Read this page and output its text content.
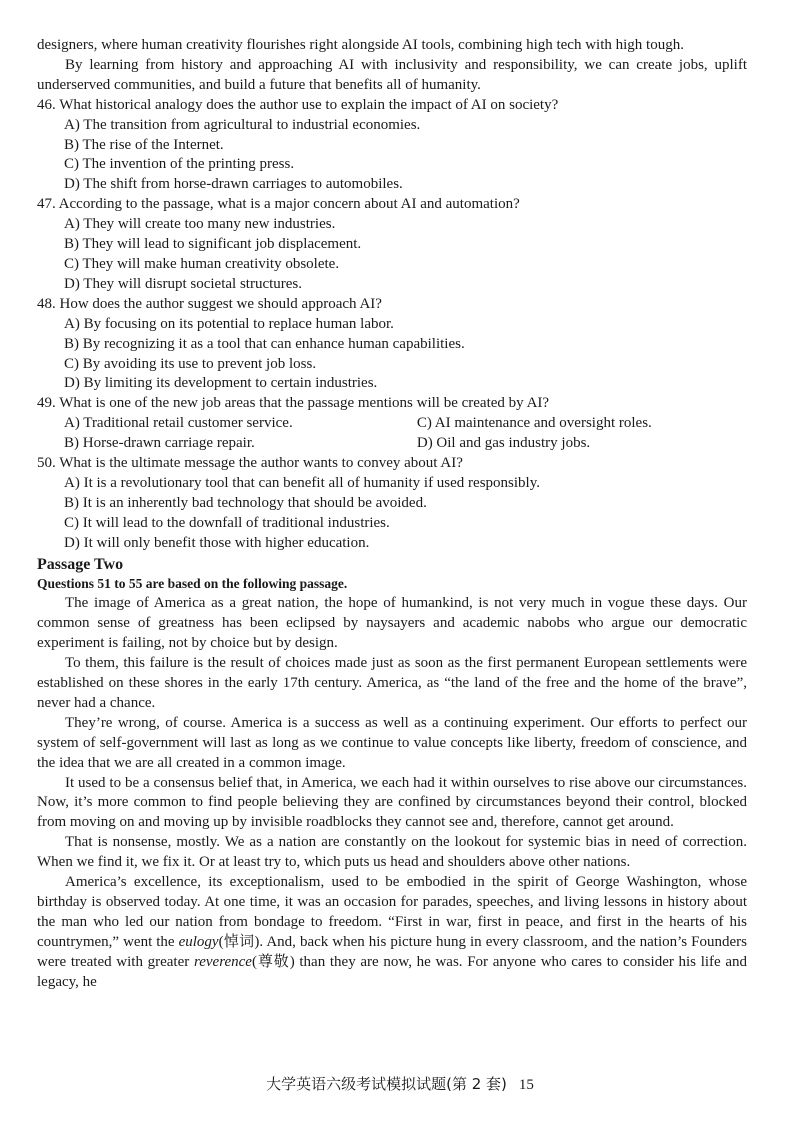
designers, where human creativity flourishes right alongside AI tools, combining high tech with high tough.

By learning from history and approaching AI with inclusivity and responsibility, we can create jobs, uplift underserved communities, and build a future that benefits all of humanity.

46. What historical analogy does the author use to explain the impact of AI on society?

A) The transition from agricultural to industrial economies.

B) The rise of the Internet.

C) The invention of the printing press.

D) The shift from horse-drawn carriages to automobiles.

47. According to the passage, what is a major concern about AI and automation?

A) They will create too many new industries.

B) They will lead to significant job displacement.

C) They will make human creativity obsolete.

D) They will disrupt societal structures.

48. How does the author suggest we should approach AI?

A) By focusing on its potential to replace human labor.

B) By recognizing it as a tool that can enhance human capabilities.

C) By avoiding its use to prevent job loss.

D) By limiting its development to certain industries.

49. What is one of the new job areas that the passage mentions will be created by AI?

A) Traditional retail customer service.	C) AI maintenance and oversight roles.
B) Horse-drawn carriage repair.	D) Oil and gas industry jobs.

50. What is the ultimate message the author wants to convey about AI?

A) It is a revolutionary tool that can benefit all of humanity if used responsibly.

B) It is an inherently bad technology that should be avoided.

C) It will lead to the downfall of traditional industries.

D) It will only benefit those with higher education.

Passage Two

Questions 51 to 55 are based on the following passage.

The image of America as a great nation, the hope of humankind, is not very much in vogue these days. Our common sense of greatness has been eclipsed by naysayers and academic nabobs who argue our democratic experiment is failing, not by choice but by design.

To them, this failure is the result of choices made just as soon as the first permanent European settlements were established on these shores in the early 17th century. America, as “the land of the free and the home of the brave”, never had a chance.

They’re wrong, of course. America is a success as well as a continuing experiment. Our efforts to perfect our system of self-government will last as long as we continue to value concepts like liberty, freedom of conscience, and the idea that we are all created in a common image.

It used to be a consensus belief that, in America, we each had it within ourselves to rise above our circumstances. Now, it’s more common to find people believing they are confined by circumstances beyond their control, blocked from moving on and moving up by invisible roadblocks they cannot see and, therefore, cannot get around.

That is nonsense, mostly. We as a nation are constantly on the lookout for systemic bias in need of correction. When we find it, we fix it. Or at least try to, which puts us head and shoulders above other nations.

America’s excellence, its exceptionalism, used to be embodied in the spirit of George Washington, whose birthday is observed today. At one time, it was an occasion for parades, speeches, and living lessons in history about the man who led our nation from bondage to freedom. “First in war, first in peace, and first in the hearts of his countrymen,” went the eulogy(悼词). And, back when his picture hung in every classroom, and the nation’s Founders were treated with greater reverence(尊敬) than they are now, he was. For anyone who cares to consider his life and legacy, he

大学英语六级考试模拟试题(第 2 套) 15
